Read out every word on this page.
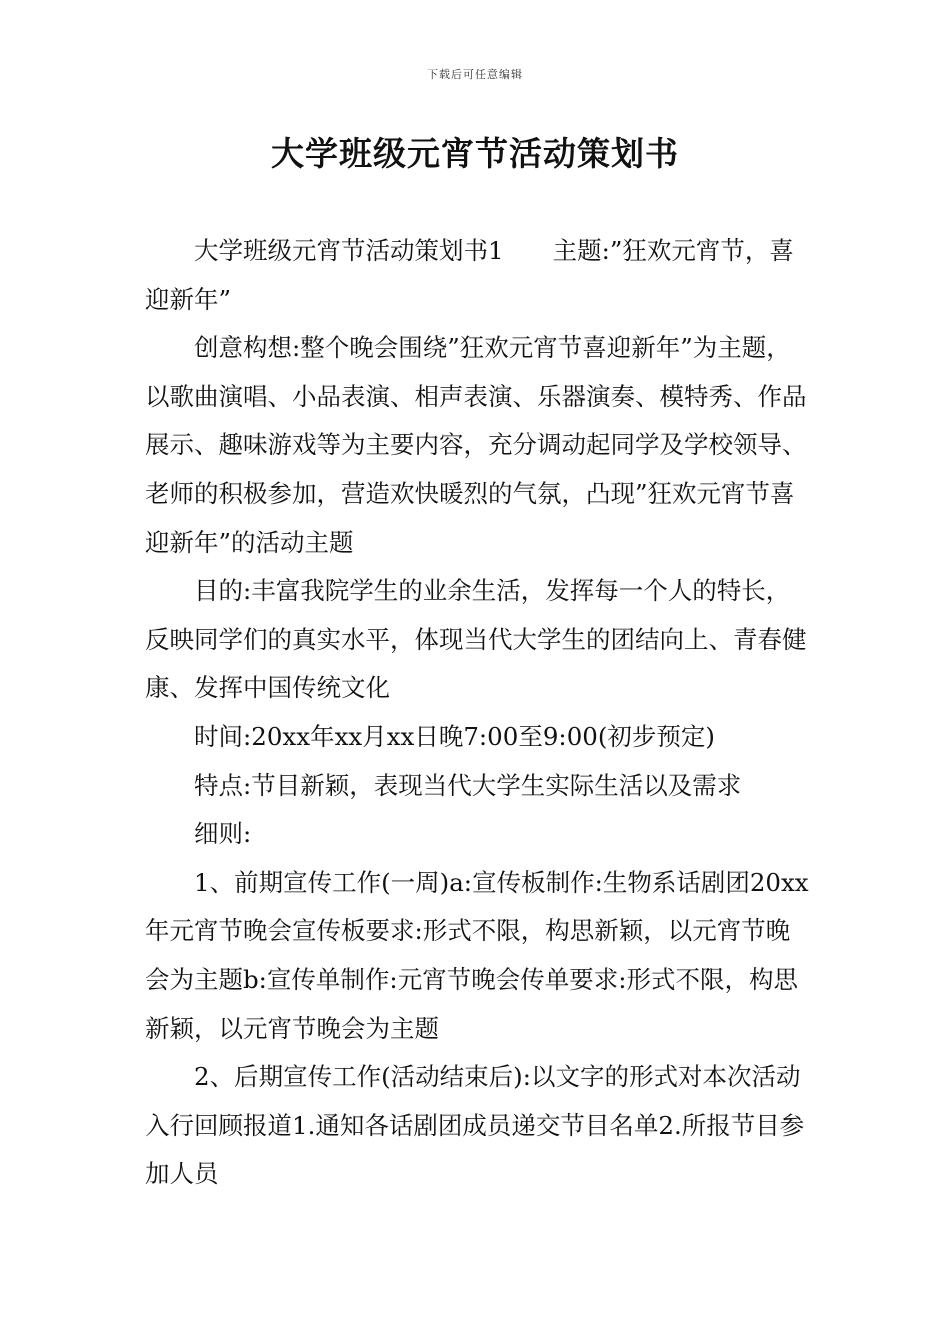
下载后可任意编辑
大学班级元宵节活动策划书

大学班级元宵节活动策划书1　　主题:”狂欢元宵节，喜迎新年”

创意构想:整个晚会围绕”狂欢元宵节喜迎新年”为主题，以歌曲演唱、小品表演、相声表演、乐器演奏、模特秀、作品展示、趣味游戏等为主要内容，充分调动起同学及学校领导、老师的积极参加，营造欢快暖烈的气氛，凸现”狂欢元宵节喜迎新年”的活动主题

目的:丰富我院学生的业余生活，发挥每一个人的特长，反映同学们的真实水平，体现当代大学生的团结向上、青春健康、发挥中国传统文化

时间:20xx年xx月xx日晚7:00至9:00(初步预定)

特点:节目新颖，表现当代大学生实际生活以及需求

细则:

1、前期宣传工作(一周)a:宣传板制作:生物系话剧团20xx年元宵节晚会宣传板要求:形式不限，构思新颖，以元宵节晚会为主题b:宣传单制作:元宵节晚会传单要求:形式不限，构思新颖，以元宵节晚会为主题

2、后期宣传工作(活动结束后):以文字的形式对本次活动入行回顾报道1.通知各话剧团成员递交节目名单2.所报节目参加人员
